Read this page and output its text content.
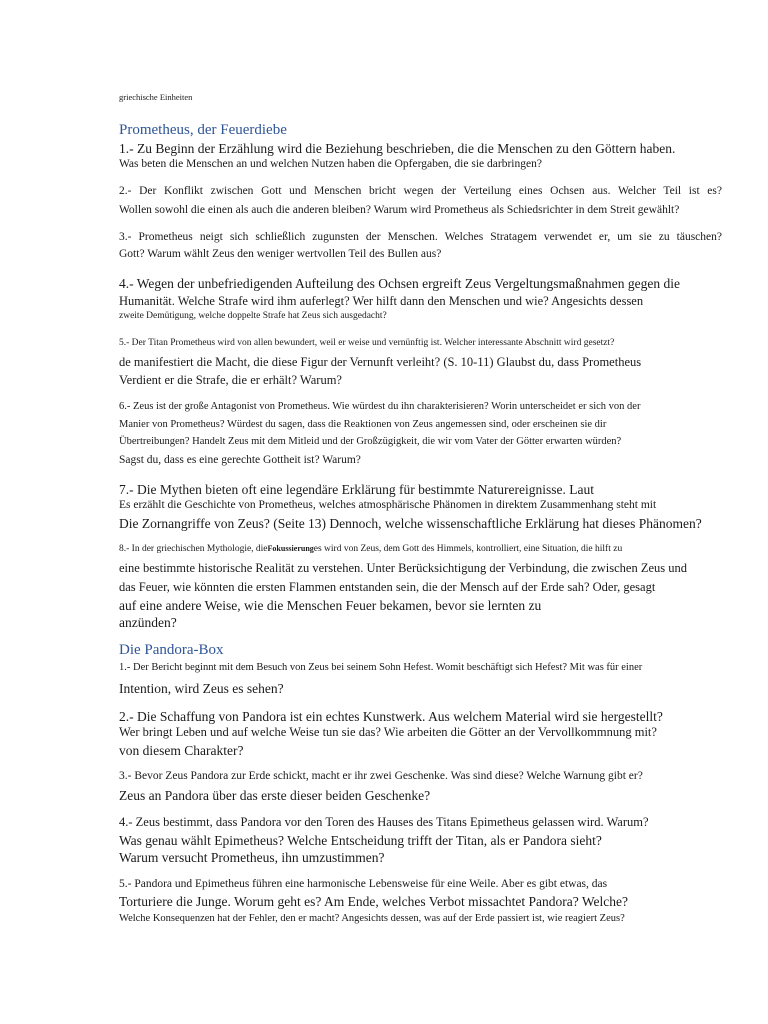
griechische Einheiten
Prometheus, der Feuerdiebe
1.- Zu Beginn der Erzählung wird die Beziehung beschrieben, die die Menschen zu den Göttern haben.
Was beten die Menschen an und welchen Nutzen haben die Opfergaben, die sie darbringen?
2.- Der Konflikt zwischen Gott und Menschen bricht wegen der Verteilung eines Ochsen aus. Welcher Teil ist es?
Wollen sowohl die einen als auch die anderen bleiben? Warum wird Prometheus als Schiedsrichter in dem Streit gewählt?
3.- Prometheus neigt sich schließlich zugunsten der Menschen. Welches Stratagem verwendet er, um sie zu täuschen?
Gott? Warum wählt Zeus den weniger wertvollen Teil des Bullen aus?
4.- Wegen der unbefriedigenden Aufteilung des Ochsen ergreift Zeus Vergeltungsmaßnahmen gegen die
Humanität. Welche Strafe wird ihm auferlegt? Wer hilft dann den Menschen und wie? Angesichts dessen
zweite Demütigung, welche doppelte Strafe hat Zeus sich ausgedacht?
5.- Der Titan Prometheus wird von allen bewundert, weil er weise und vernünftig ist. Welcher interessante Abschnitt wird gesetzt?
de manifestiert die Macht, die diese Figur der Vernunft verleiht? (S. 10-11) Glaubst du, dass Prometheus
Verdient er die Strafe, die er erhält? Warum?
6.- Zeus ist der große Antagonist von Prometheus. Wie würdest du ihn charakterisieren? Worin unterscheidet er sich von der
Manier von Prometheus? Würdest du sagen, dass die Reaktionen von Zeus angemessen sind, oder erscheinen sie dir
Übertreibungen? Handelt Zeus mit dem Mitleid und der Großzügigkeit, die wir vom Vater der Götter erwarten würden?
Sagst du, dass es eine gerechte Gottheit ist? Warum?
7.- Die Mythen bieten oft eine legendäre Erklärung für bestimmte Naturereignisse. Laut
Es erzählt die Geschichte von Prometheus, welches atmosphärische Phänomen in direktem Zusammenhang steht mit
Die Zornangriffe von Zeus? (Seite 13) Dennoch, welche wissenschaftliche Erklärung hat dieses Phänomen?
8.- In der griechischen Mythologie, dieFokussierunges wird von Zeus, dem Gott des Himmels, kontrolliert, eine Situation, die hilft zu
eine bestimmte historische Realität zu verstehen. Unter Berücksichtigung der Verbindung, die zwischen Zeus und
das Feuer, wie könnten die ersten Flammen entstanden sein, die der Mensch auf der Erde sah? Oder, gesagt
auf eine andere Weise, wie die Menschen Feuer bekamen, bevor sie lernten zu
anzünden?
Die Pandora-Box
1.- Der Bericht beginnt mit dem Besuch von Zeus bei seinem Sohn Hefest. Womit beschäftigt sich Hefest? Mit was für einer
Intention, wird Zeus es sehen?
2.- Die Schaffung von Pandora ist ein echtes Kunstwerk. Aus welchem Material wird sie hergestellt?
Wer bringt Leben und auf welche Weise tun sie das? Wie arbeiten die Götter an der Vervollkommnung mit?
von diesem Charakter?
3.- Bevor Zeus Pandora zur Erde schickt, macht er ihr zwei Geschenke. Was sind diese? Welche Warnung gibt er?
Zeus an Pandora über das erste dieser beiden Geschenke?
4.- Zeus bestimmt, dass Pandora vor den Toren des Hauses des Titans Epimetheus gelassen wird. Warum?
Was genau wählt Epimetheus? Welche Entscheidung trifft der Titan, als er Pandora sieht?
Warum versucht Prometheus, ihn umzustimmen?
5.- Pandora und Epimetheus führen eine harmonische Lebensweise für eine Weile. Aber es gibt etwas, das
Torturiere die Junge. Worum geht es? Am Ende, welches Verbot missachtet Pandora? Welche?
Welche Konsequenzen hat der Fehler, den er macht? Angesichts dessen, was auf der Erde passiert ist, wie reagiert Zeus?
